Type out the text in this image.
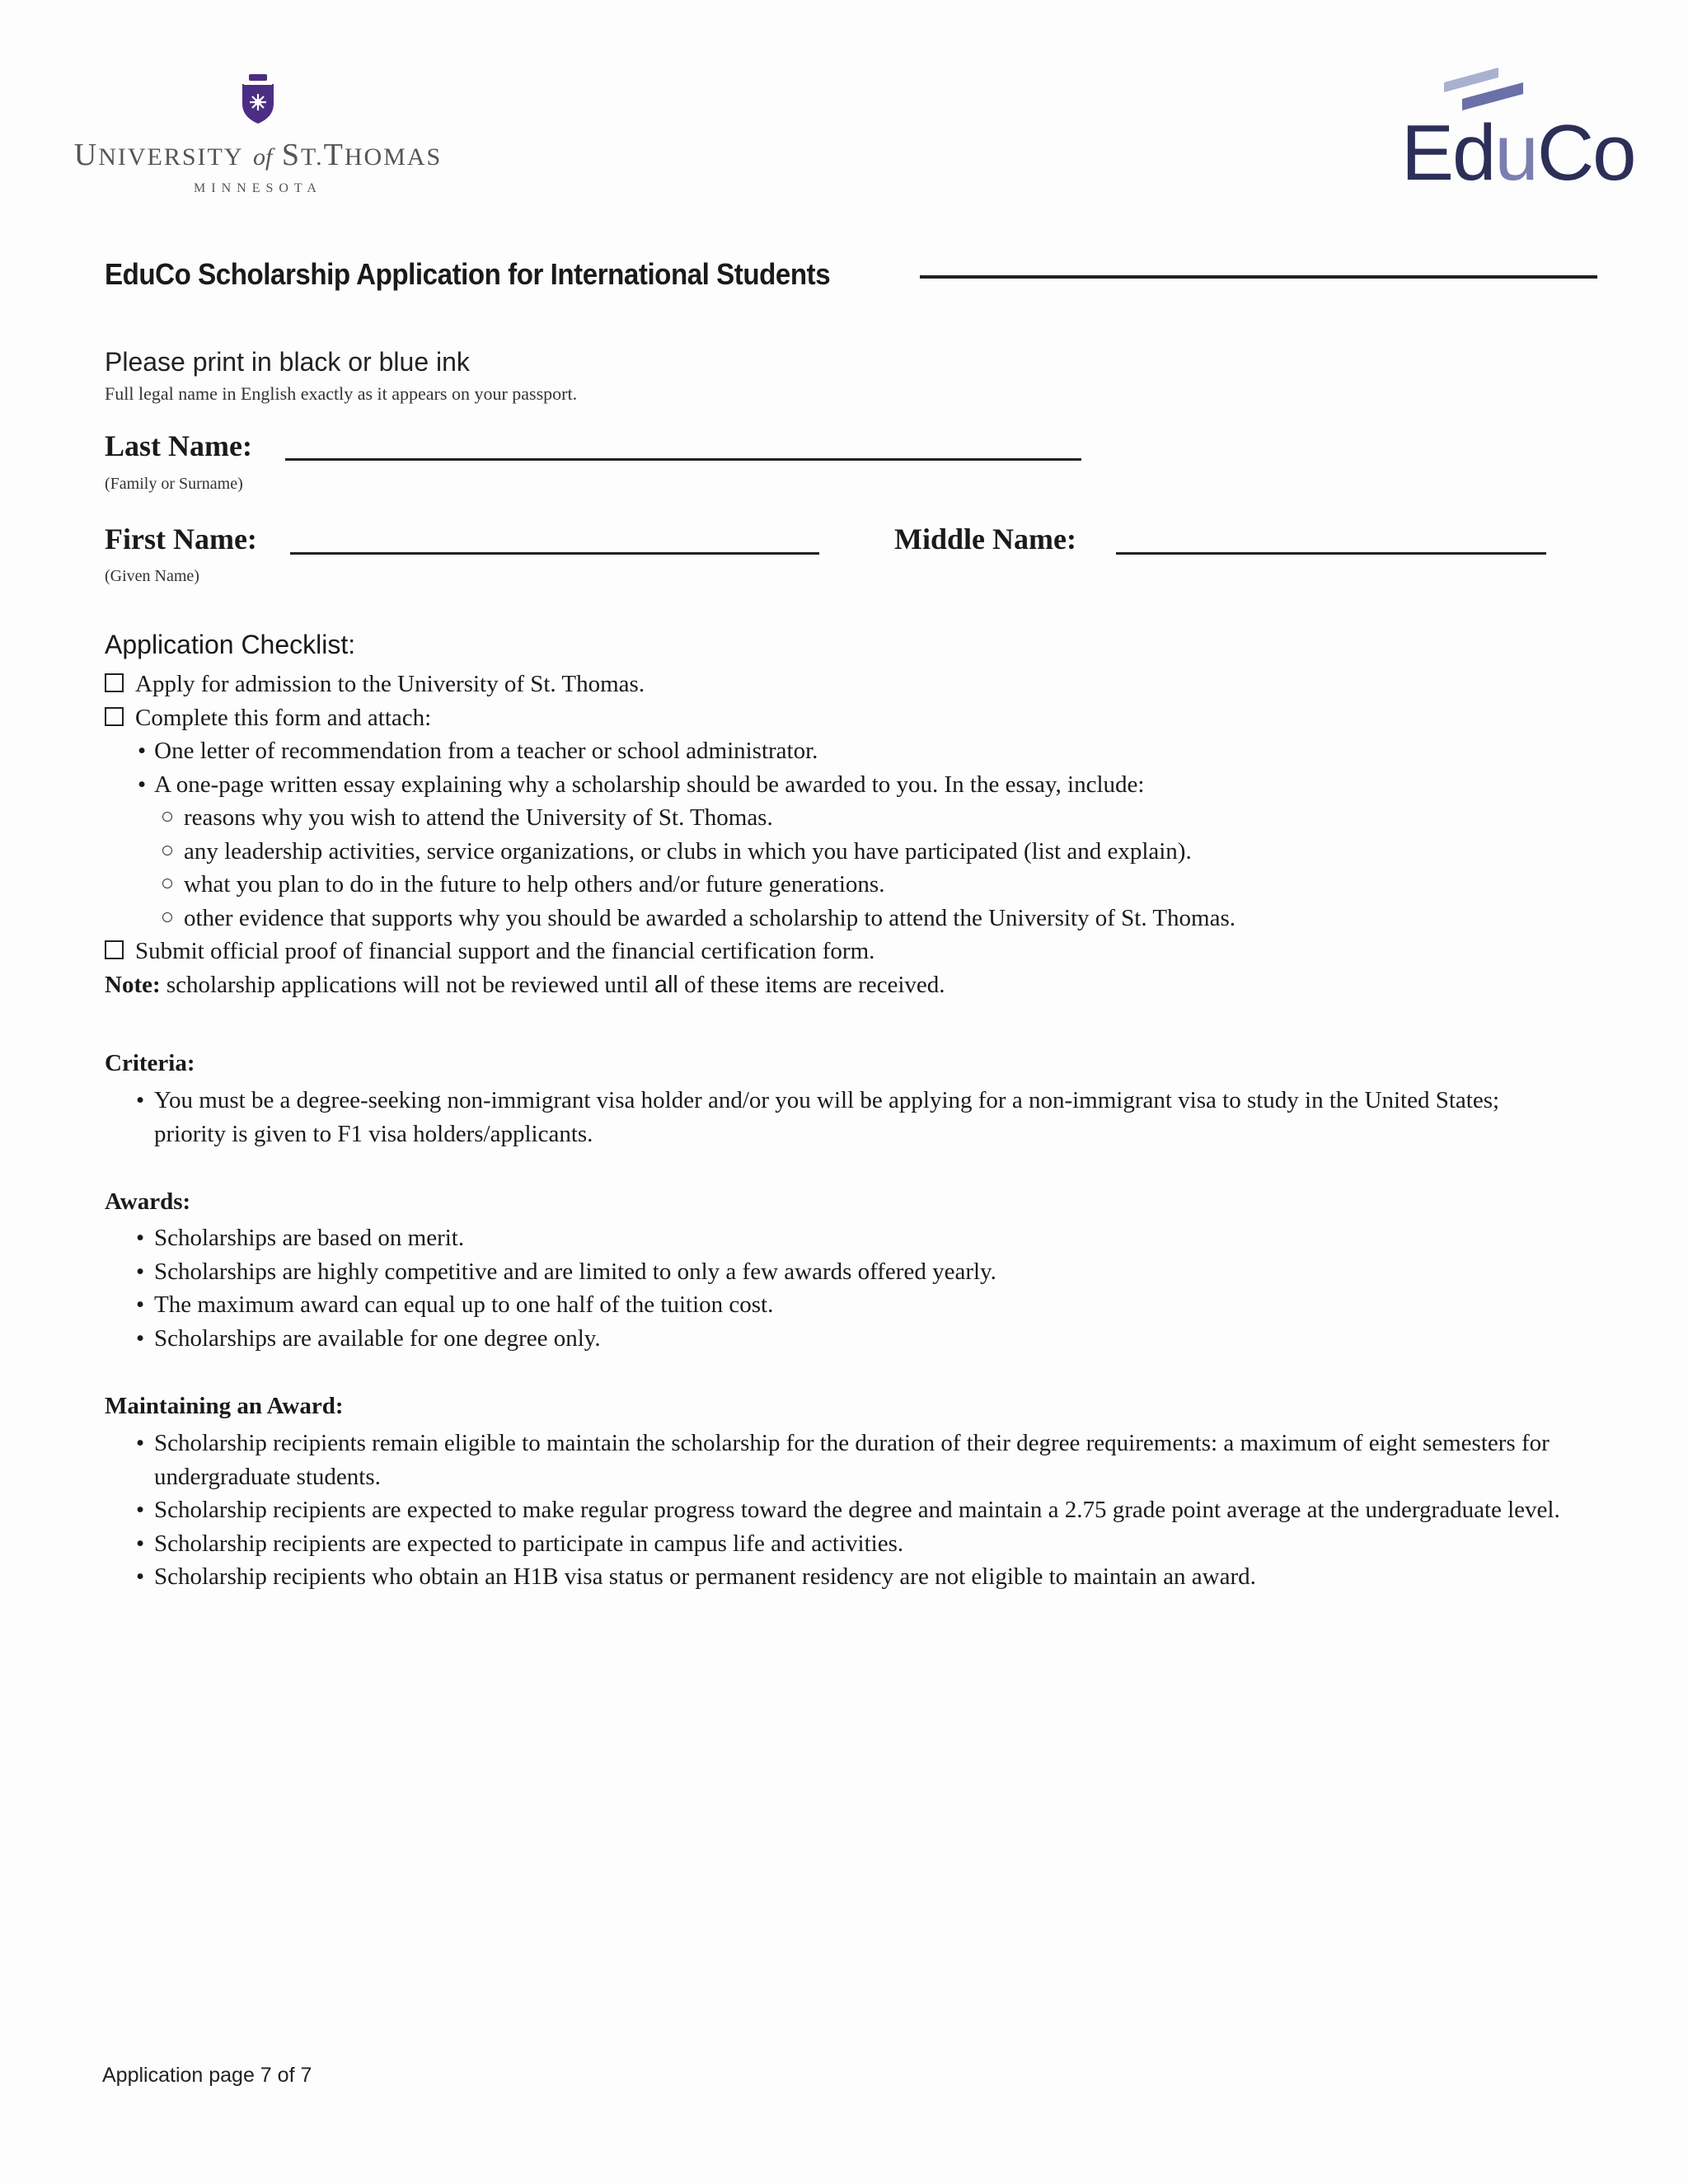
UNIVERSITY of ST.THOMAS
MINNESOTA	EduCo
EduCo Scholarship Application for International Students
Please print in black or blue ink
Full legal name in English exactly as it appears on your passport.
Last Name:
(Family or Surname)
First Name:
(Given Name)
Middle Name:
Application Checklist:
Apply for admission to the University of St. Thomas.
Complete this form and attach:
• One letter of recommendation from a teacher or school administrator.
• A one-page written essay explaining why a scholarship should be awarded to you. In the essay, include:
reasons why you wish to attend the University of St. Thomas.
any leadership activities, service organizations, or clubs in which you have participated (list and explain).
what you plan to do in the future to help others and/or future generations.
other evidence that supports why you should be awarded a scholarship to attend the University of St. Thomas.
Submit official proof of financial support and the financial certification form.
Note: scholarship applications will not be reviewed until all of these items are received.
Criteria:
• You must be a degree-seeking non-immigrant visa holder and/or you will be applying for a non-immigrant visa to study in the United States; priority is given to F1 visa holders/applicants.
Awards:
• Scholarships are based on merit.
• Scholarships are highly competitive and are limited to only a few awards offered yearly.
• The maximum award can equal up to one half of the tuition cost.
• Scholarships are available for one degree only.
Maintaining an Award:
• Scholarship recipients remain eligible to maintain the scholarship for the duration of their degree requirements: a maximum of eight semesters for undergraduate students.
• Scholarship recipients are expected to make regular progress toward the degree and maintain a 2.75 grade point average at the undergraduate level.
• Scholarship recipients are expected to participate in campus life and activities.
• Scholarship recipients who obtain an H1B visa status or permanent residency are not eligible to maintain an award.
Application page 7 of 7
